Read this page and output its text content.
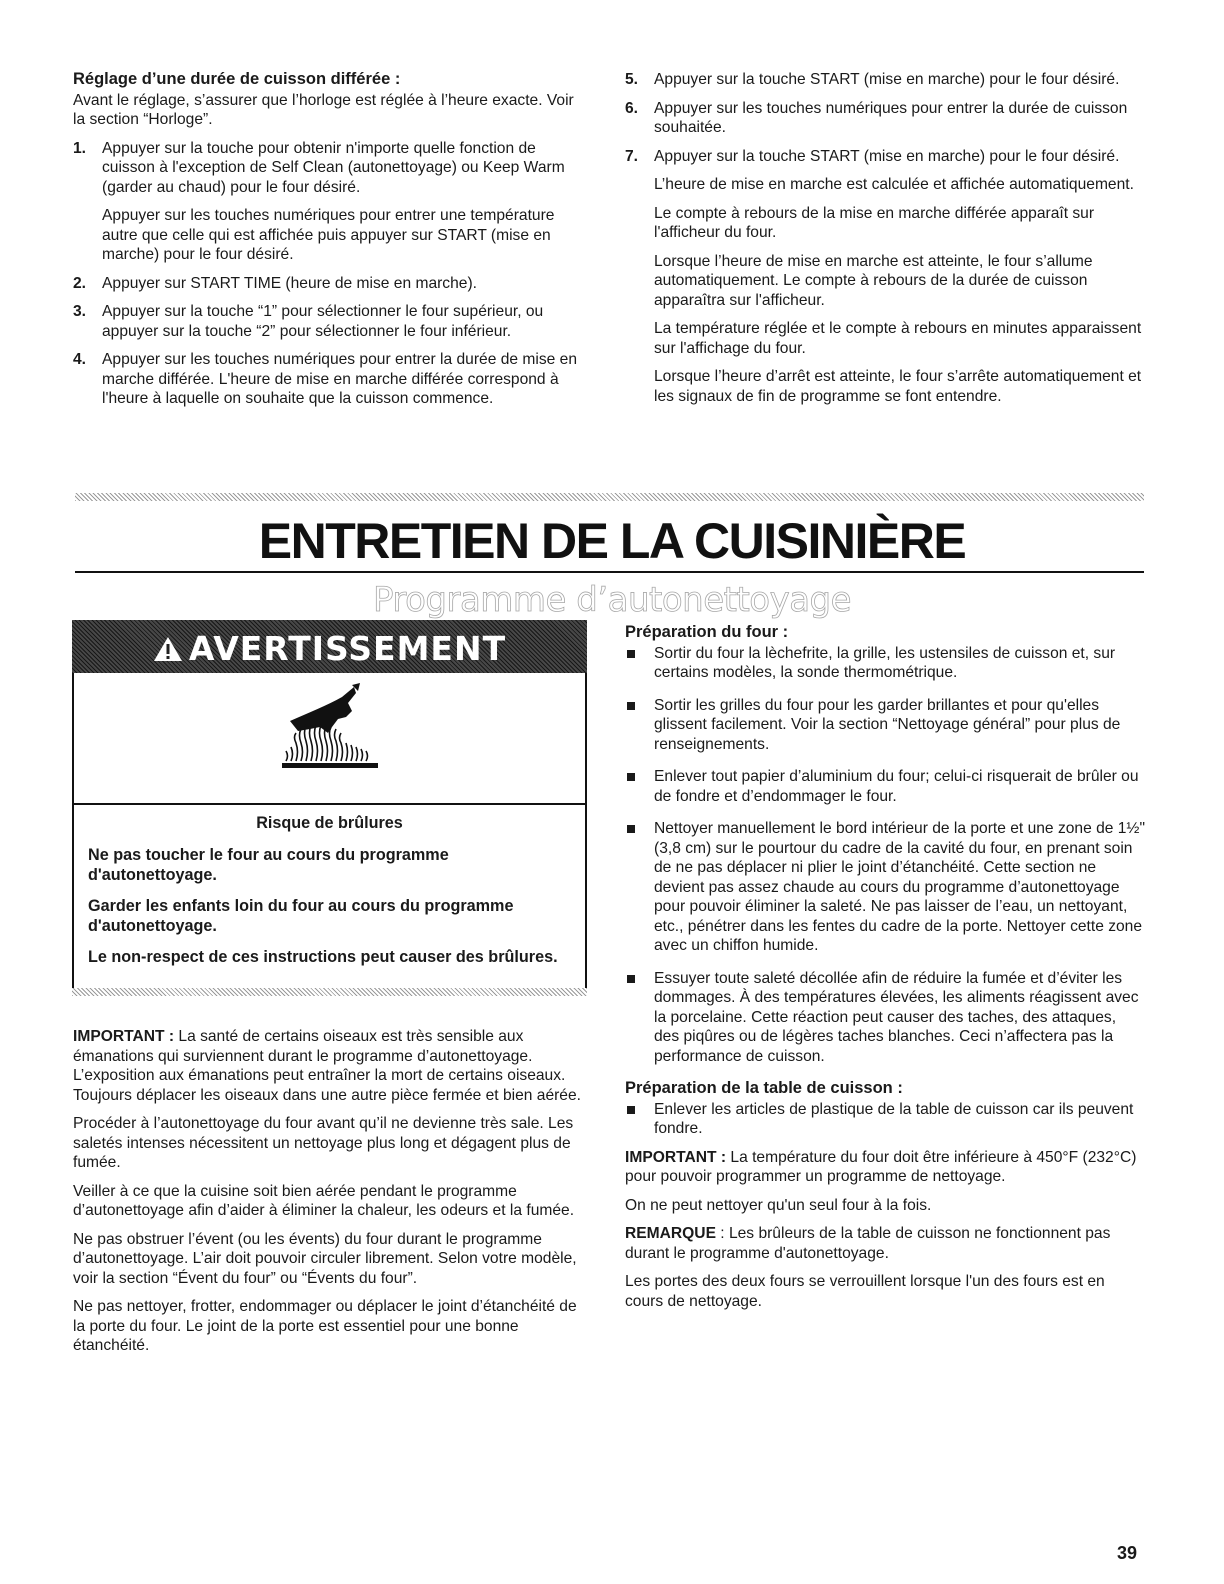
Réglage d’une durée de cuisson différée :

Avant le réglage, s’assurer que l’horloge est réglée à l’heure exacte. Voir la section “Horloge”.

1. Appuyer sur la touche pour obtenir n'importe quelle fonction de cuisson à l'exception de Self Clean (autonettoyage) ou Keep Warm (garder au chaud) pour le four désiré.

Appuyer sur les touches numériques pour entrer une température autre que celle qui est affichée puis appuyer sur START (mise en marche) pour le four désiré.

2. Appuyer sur START TIME (heure de mise en marche).

3. Appuyer sur la touche “1” pour sélectionner le four supérieur, ou appuyer sur la touche “2” pour sélectionner le four inférieur.

4. Appuyer sur les touches numériques pour entrer la durée de mise en marche différée. L'heure de mise en marche différée correspond à l'heure à laquelle on souhaite que la cuisson commence.

5. Appuyer sur la touche START (mise en marche) pour le four désiré.

6. Appuyer sur les touches numériques pour entrer la durée de cuisson souhaitée.

7. Appuyer sur la touche START (mise en marche) pour le four désiré.

L’heure de mise en marche est calculée et affichée automatiquement.

Le compte à rebours de la mise en marche différée apparaît sur l'afficheur du four.

Lorsque l’heure de mise en marche est atteinte, le four s’allume automatiquement. Le compte à rebours de la durée de cuisson apparaîtra sur l'afficheur.

La température réglée et le compte à rebours en minutes apparaissent sur l'affichage du four.

Lorsque l’heure d’arrêt est atteinte, le four s’arrête automatiquement et les signaux de fin de programme se font entendre.

ENTRETIEN DE LA CUISINIÈRE
Programme d’autonettoyage
AVERTISSEMENT

Risque de brûlures

Ne pas toucher le four au cours du programme d'autonettoyage.

Garder les enfants loin du four au cours du programme d'autonettoyage.

Le non-respect de ces instructions peut causer des brûlures.

IMPORTANT : La santé de certains oiseaux est très sensible aux émanations qui surviennent durant le programme d’autonettoyage. L’exposition aux émanations peut entraîner la mort de certains oiseaux. Toujours déplacer les oiseaux dans une autre pièce fermée et bien aérée.

Procéder à l’autonettoyage du four avant qu’il ne devienne très sale. Les saletés intenses nécessitent un nettoyage plus long et dégagent plus de fumée.

Veiller à ce que la cuisine soit bien aérée pendant le programme d’autonettoyage afin d’aider à éliminer la chaleur, les odeurs et la fumée.

Ne pas obstruer l’évent (ou les évents) du four durant le programme d’autonettoyage. L’air doit pouvoir circuler librement. Selon votre modèle, voir la section “Évent du four” ou “Évents du four”.

Ne pas nettoyer, frotter, endommager ou déplacer le joint d’étanchéité de la porte du four. Le joint de la porte est essentiel pour une bonne étanchéité.

Préparation du four :
Sortir du four la lèchefrite, la grille, les ustensiles de cuisson et, sur certains modèles, la sonde thermométrique.
Sortir les grilles du four pour les garder brillantes et pour qu'elles glissent facilement. Voir la section “Nettoyage général” pour plus de renseignements.
Enlever tout papier d’aluminium du four; celui-ci risquerait de brûler ou de fondre et d’endommager le four.
Nettoyer manuellement le bord intérieur de la porte et une zone de 1½" (3,8 cm) sur le pourtour du cadre de la cavité du four, en prenant soin de ne pas déplacer ni plier le joint d’étanchéité. Cette section ne devient pas assez chaude au cours du programme d’autonettoyage pour pouvoir éliminer la saleté. Ne pas laisser de l’eau, un nettoyant, etc., pénétrer dans les fentes du cadre de la porte. Nettoyer cette zone avec un chiffon humide.
Essuyer toute saleté décollée afin de réduire la fumée et d’éviter les dommages. À des températures élevées, les aliments réagissent avec la porcelaine. Cette réaction peut causer des taches, des attaques, des piqûres ou de légères taches blanches. Ceci n’affectera pas la performance de cuisson.
Préparation de la table de cuisson :
Enlever les articles de plastique de la table de cuisson car ils peuvent fondre.

IMPORTANT : La température du four doit être inférieure à 450°F (232°C) pour pouvoir programmer un programme de nettoyage.

On ne peut nettoyer qu'un seul four à la fois.

REMARQUE : Les brûleurs de la table de cuisson ne fonctionnent pas durant le programme d'autonettoyage.

Les portes des deux fours se verrouillent lorsque l'un des fours est en cours de nettoyage.

39
